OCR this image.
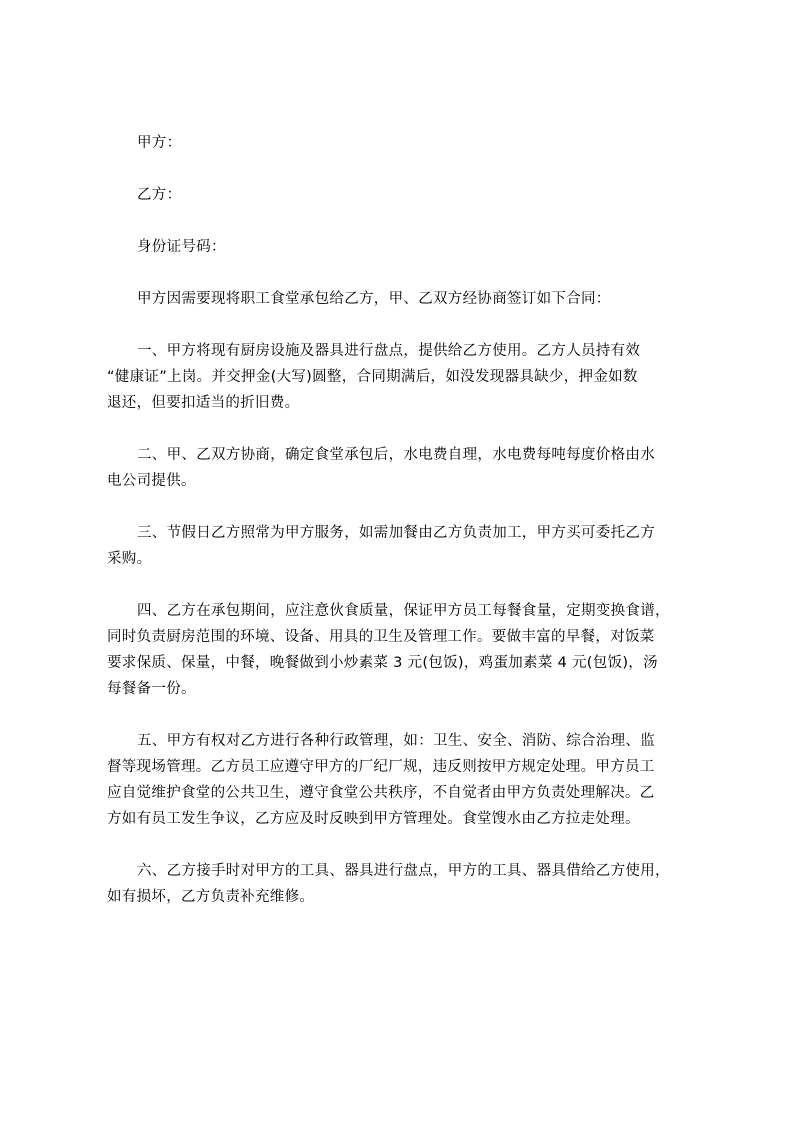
甲方：
乙方：
身份证号码：
甲方因需要现将职工食堂承包给乙方，甲、乙双方经协商签订如下合同：
一、甲方将现有厨房设施及器具进行盘点，提供给乙方使用。乙方人员持有效
“健康证”上岗。并交押金(大写)圆整，合同期满后，如没发现器具缺少，押金如数
退还，但要扣适当的折旧费。
二、甲、乙双方协商，确定食堂承包后，水电费自理，水电费每吨每度价格由水
电公司提供。
三、节假日乙方照常为甲方服务，如需加餐由乙方负责加工，甲方买可委托乙方
采购。
四、乙方在承包期间，应注意伙食质量，保证甲方员工每餐食量，定期变换食谱，
同时负责厨房范围的环境、设备、用具的卫生及管理工作。要做丰富的早餐，对饭菜
要求保质、保量，中餐，晚餐做到小炒素菜 3 元(包饭)，鸡蛋加素菜 4 元(包饭)，汤
每餐备一份。
五、甲方有权对乙方进行各种行政管理，如：卫生、安全、消防、综合治理、监
督等现场管理。乙方员工应遵守甲方的厂纪厂规，违反则按甲方规定处理。甲方员工
应自觉维护食堂的公共卫生，遵守食堂公共秩序，不自觉者由甲方负责处理解决。乙
方如有员工发生争议，乙方应及时反映到甲方管理处。食堂馊水由乙方拉走处理。
六、乙方接手时对甲方的工具、器具进行盘点，甲方的工具、器具借给乙方使用，
如有损坏，乙方负责补充维修。
